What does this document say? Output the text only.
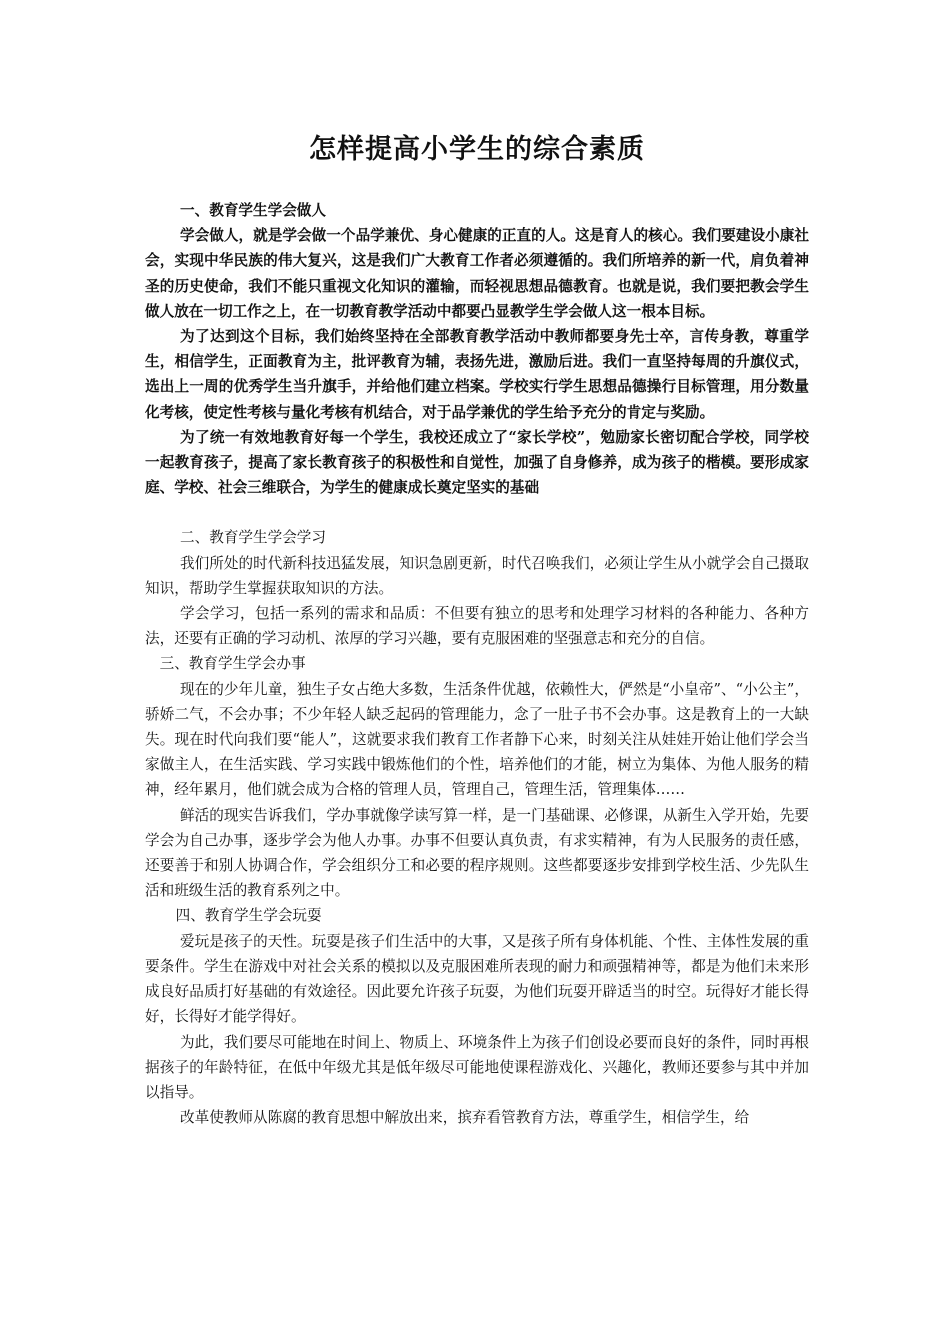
怎样提高小学生的综合素质

一、教育学生学会做人

学会做人，就是学会做一个品学兼优、身心健康的正直的人。这是育人的核心。我们要建设小康社会，实现中华民族的伟大复兴，这是我们广大教育工作者必须遵循的。我们所培养的新一代，肩负着神圣的历史使命，我们不能只重视文化知识的灌输，而轻视思想品德教育。也就是说，我们要把教会学生做人放在一切工作之上，在一切教育教学活动中都要凸显教学生学会做人这一根本目标。

为了达到这个目标，我们始终坚持在全部教育教学活动中教师都要身先士卒，言传身教，尊重学生，相信学生，正面教育为主，批评教育为辅，表扬先进，激励后进。我们一直坚持每周的升旗仪式，选出上一周的优秀学生当升旗手，并给他们建立档案。学校实行学生思想品德操行目标管理，用分数量化考核，使定性考核与量化考核有机结合，对于品学兼优的学生给予充分的肯定与奖励。

为了统一有效地教育好每一个学生，我校还成立了“家长学校”，勉励家长密切配合学校，同学校一起教育孩子，提高了家长教育孩子的积极性和自觉性，加强了自身修养，成为孩子的楷模。要形成家庭、学校、社会三维联合，为学生的健康成长奠定坚实的基础

二、教育学生学会学习

我们所处的时代新科技迅猛发展，知识急剧更新，时代召唤我们，必须让学生从小就学会自己摄取知识，帮助学生掌握获取知识的方法。

学会学习，包括一系列的需求和品质：不但要有独立的思考和处理学习材料的各种能力、各种方法，还要有正确的学习动机、浓厚的学习兴趣，要有克服困难的坚强意志和充分的自信。

三、教育学生学会办事

现在的少年儿童，独生子女占绝大多数，生活条件优越，依赖性大，俨然是“小皇帝”、“小公主”，骄娇二气，不会办事；不少年轻人缺乏起码的管理能力，念了一肚子书不会办事。这是教育上的一大缺失。现在时代向我们要“能人”，这就要求我们教育工作者静下心来，时刻关注从娃娃开始让他们学会当家做主人，在生活实践、学习实践中锻炼他们的个性，培养他们的才能，树立为集体、为他人服务的精神，经年累月，他们就会成为合格的管理人员，管理自己，管理生活，管理集体……

鲜活的现实告诉我们，学办事就像学读写算一样，是一门基础课、必修课，从新生入学开始，先要学会为自己办事，逐步学会为他人办事。办事不但要认真负责，有求实精神，有为人民服务的责任感，还要善于和别人协调合作，学会组织分工和必要的程序规则。这些都要逐步安排到学校生活、少先队生活和班级生活的教育系列之中。

四、教育学生学会玩耍

爱玩是孩子的天性。玩耍是孩子们生活中的大事，又是孩子所有身体机能、个性、主体性发展的重要条件。学生在游戏中对社会关系的模拟以及克服困难所表现的耐力和顽强精神等，都是为他们未来形成良好品质打好基础的有效途径。因此要允许孩子玩耍，为他们玩耍开辟适当的时空。玩得好才能长得好，长得好才能学得好。

为此，我们要尽可能地在时间上、物质上、环境条件上为孩子们创设必要而良好的条件，同时再根据孩子的年龄特征，在低中年级尤其是低年级尽可能地使课程游戏化、兴趣化，教师还要参与其中并加以指导。

改革使教师从陈腐的教育思想中解放出来，摈弃看管教育方法，尊重学生，相信学生，给
